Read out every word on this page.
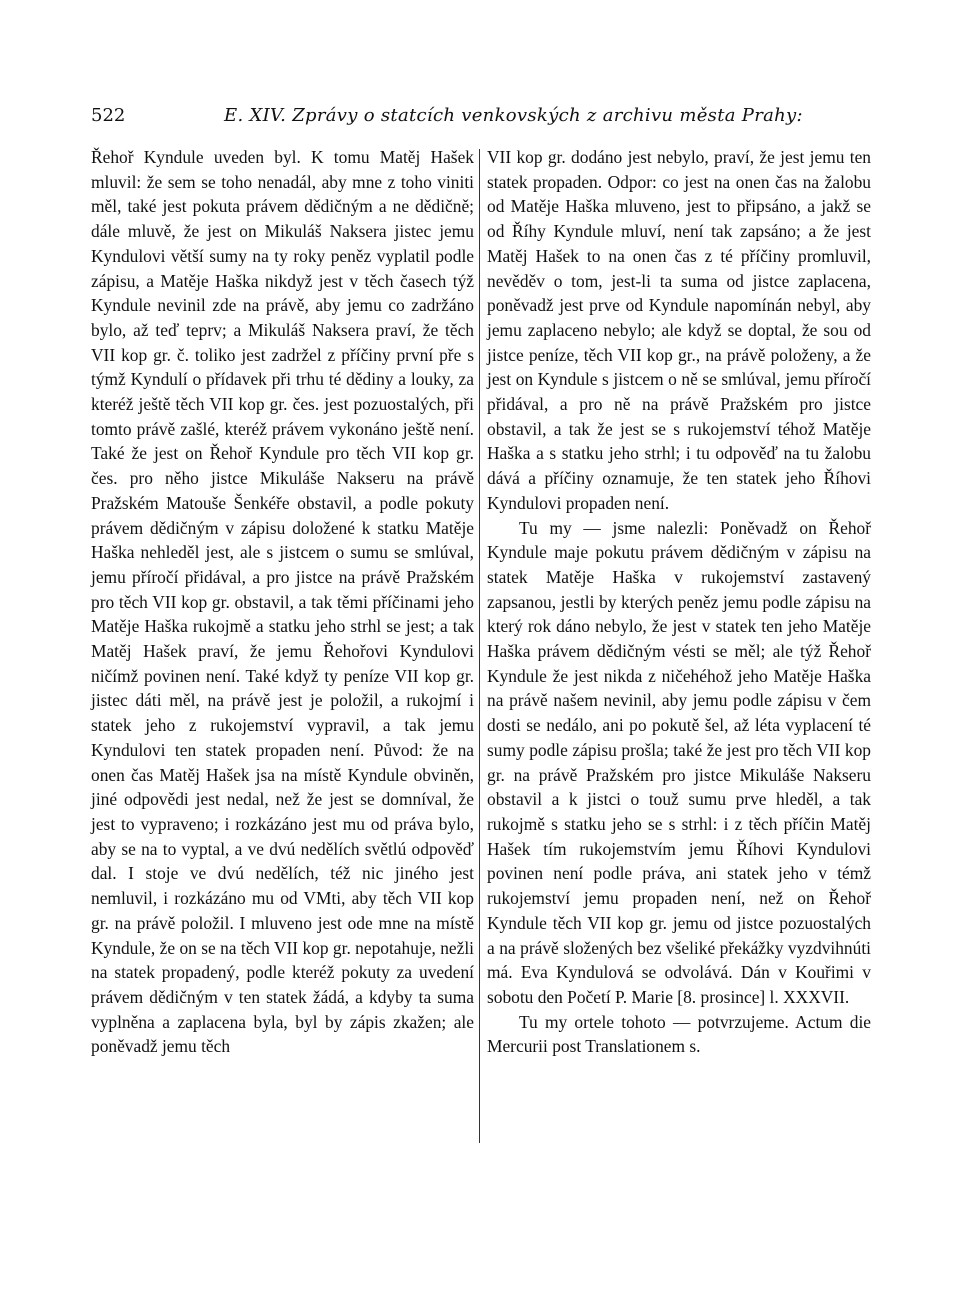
522	E. XIV. Zprávy o statcích venkovských z archivu města Prahy:

Řehoř Kyndule uveden byl. K tomu Matěj Hašek mluvil: že sem se toho nenadál, aby mne z toho viniti měl, také jest pokuta právem dědičným a ne dědičně; dále mluvě, že jest on Mikuláš Naksera jistec jemu Kyndulovi větší sumy na ty roky peněz vyplatil podle zápisu, a Matěje Haška nikdyž jest v těch časech týž Kyndule nevinil zde na právě, aby jemu co zadržáno bylo, až teď teprv; a Mikuláš Naksera praví, že těch VII kop gr. č. toliko jest zadržel z příčiny první pře s týmž Kyndulí o přídavek při trhu té dědiny a louky, za kteréž ještě těch VII kop gr. čes. jest pozuostalých, při tomto právě zašlé, kteréž právem vykonáno ještě není. Také že jest on Řehoř Kyndule pro těch VII kop gr. čes. pro něho jistce Mikuláše Nakseru na právě Pražském Matouše Šenkéře obstavil, a podle pokuty právem dědičným v zápisu doložené k statku Matěje Haška nehleděl jest, ale s jistcem o sumu se smlúval, jemu příročí přidával, a pro jistce na právě Pražském pro těch VII kop gr. obstavil, a tak těmi příčinami jeho Matěje Haška rukojmě a statku jeho strhl se jest; a tak Matěj Hašek praví, že jemu Řehořovi Kyndulovi ničímž povinen není. Také když ty peníze VII kop gr. jistec dáti měl, na právě jest je položil, a rukojmí i statek jeho z rukojemství vypravil, a tak jemu Kyndulovi ten statek propaden není. Původ: že na onen čas Matěj Hašek jsa na místě Kyndule obviněn, jiné odpovědi jest nedal, než že jest se domníval, že jest to vypraveno; i rozkázáno jest mu od práva bylo, aby se na to vyptal, a ve dvú nedělích světlú odpověď dal. I stoje ve dvú nedělích, též nic jiného jest nemluvil, i rozkázáno mu od VMti, aby těch VII kop gr. na právě položil. I mluveno jest ode mne na místě Kyndule, že on se na těch VII kop gr. nepotahuje, nežli na statek propadený, podle kteréž pokuty za uvedení právem dědičným v ten statek žádá, a kdyby ta suma vyplněna a zaplacena byla, byl by zápis zkažen; ale poněvadž jemu těch

VII kop gr. dodáno jest nebylo, praví, že jest jemu ten statek propaden. Odpor: co jest na onen čas na žalobu od Matěje Haška mluveno, jest to připsáno, a jakž se od Říhy Kyndule mluví, není tak zapsáno; a že jest Matěj Hašek to na onen čas z té příčiny promluvil, nevěděv o tom, jest-li ta suma od jistce zaplacena, poněvadž jest prve od Kyndule napomínán nebyl, aby jemu zaplaceno nebylo; ale když se doptal, že sou od jistce peníze, těch VII kop gr., na právě položeny, a že jest on Kyndule s jistcem o ně se smlúval, jemu příročí přidával, a pro ně na právě Pražském pro jistce obstavil, a tak že jest se s rukojemství téhož Matěje Haška a s statku jeho strhl; i tu odpověď na tu žalobu dává a příčiny oznamuje, že ten statek jeho Říhovi Kyndulovi propaden není.

Tu my — jsme nalezli: Poněvadž on Řehoř Kyndule maje pokutu právem dědičným v zápisu na statek Matěje Haška v rukojemství zastavený zapsanou, jestli by kterých peněz jemu podle zápisu na který rok dáno nebylo, že jest v statek ten jeho Matěje Haška právem dědičným vésti se měl; ale týž Řehoř Kyndule že jest nikda z ničehéhož jeho Matěje Haška na právě našem nevinil, aby jemu podle zápisu v čem dosti se nedálo, ani po pokutě šel, až léta vyplacení té sumy podle zápisu prošla; také že jest pro těch VII kop gr. na právě Pražském pro jistce Mikuláše Nakseru obstavil a k jistci o touž sumu prve hleděl, a tak rukojmě s statku jeho se s strhl: i z těch příčin Matěj Hašek tím rukojemstvím jemu Říhovi Kyndulovi povinen není podle práva, ani statek jeho v témž rukojemství jemu propaden není, než on Řehoř Kyndule těch VII kop gr. jemu od jistce pozuostalých a na právě složených bez všeliké překážky vyzdvihnúti má. Eva Kyndulová se odvolává. Dán v Kouřimi v sobotu den Početí P. Marie [8. prosince] l. XXXVII.

Tu my ortele tohoto — potvrzujeme. Actum die Mercurii post Translationem s.
